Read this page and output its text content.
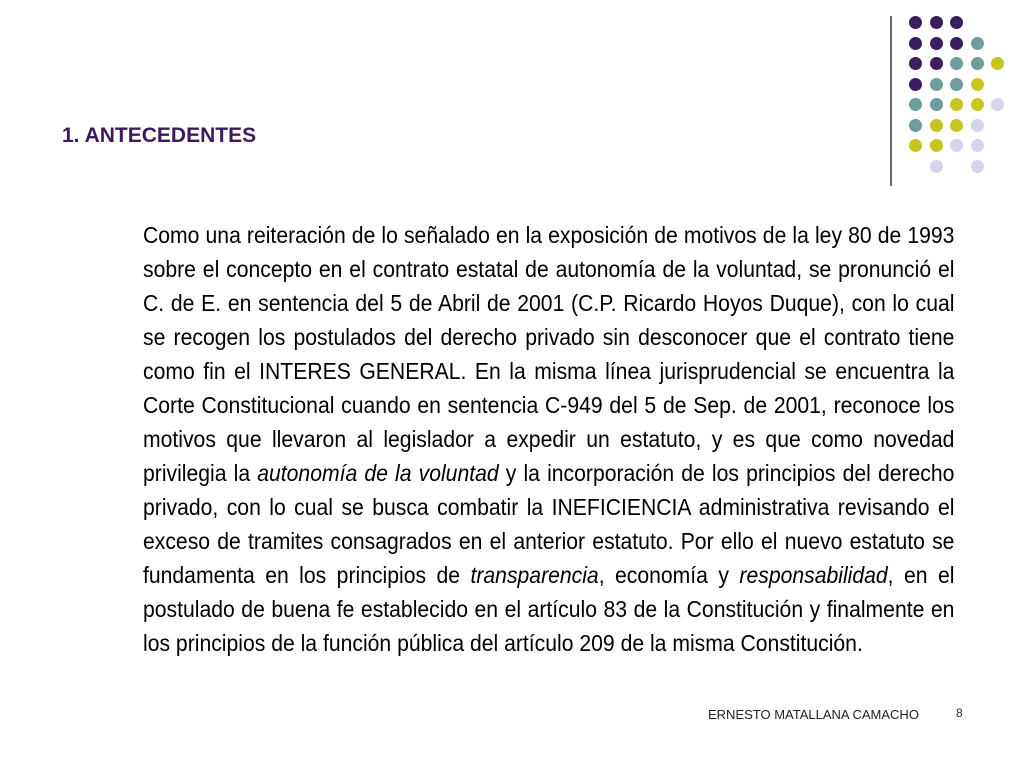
1. ANTECEDENTES

Como una reiteración de lo señalado en la exposición de motivos de la ley 80 de 1993 sobre el concepto en el contrato estatal de autonomía de la voluntad, se pronunció el C. de E. en sentencia del 5 de Abril de 2001 (C.P. Ricardo Hoyos Duque), con lo cual se recogen los postulados del derecho privado sin desconocer que el contrato tiene como fin el INTERES GENERAL. En la misma línea jurisprudencial se encuentra la Corte Constitucional cuando en sentencia C-949 del 5 de Sep. de 2001, reconoce los motivos que llevaron al legislador a expedir un estatuto, y es que como novedad privilegia la autonomía de la voluntad y la incorporación de los principios del derecho privado, con lo cual se busca combatir la INEFICIENCIA administrativa revisando el exceso de tramites consagrados en el anterior estatuto. Por ello el nuevo estatuto se fundamenta en los principios de transparencia, economía y responsabilidad, en el postulado de buena fe establecido en el artículo 83 de la Constitución y finalmente en los principios de la función pública del artículo 209 de la misma Constitución.

ERNESTO MATALLANA CAMACHO	8
